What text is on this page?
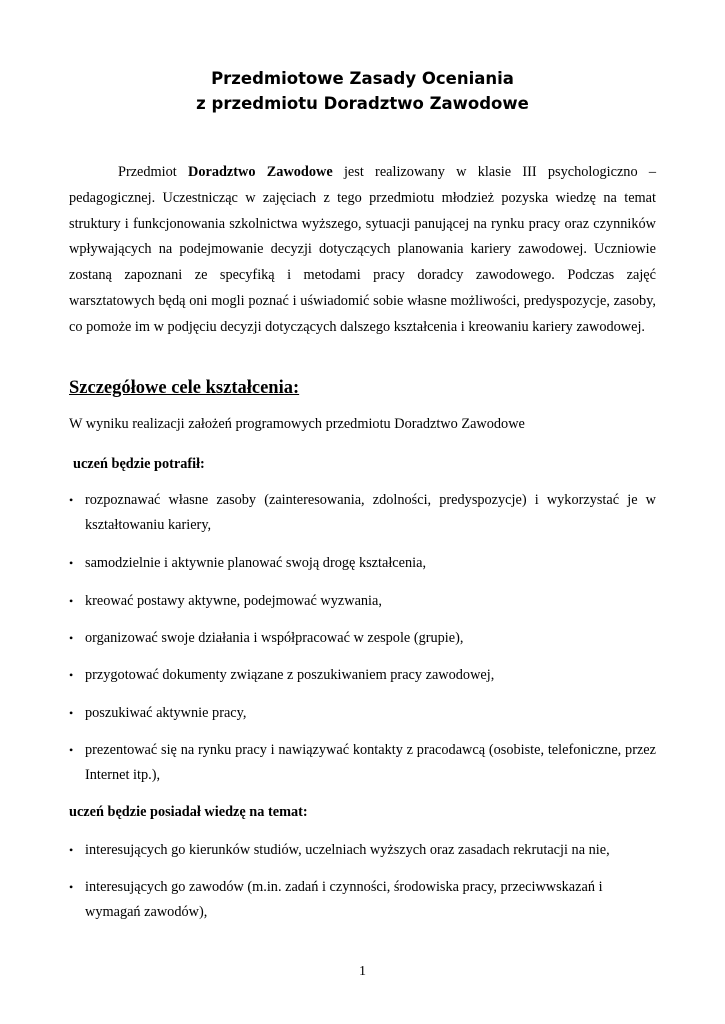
Przedmiotowe Zasady Oceniania
z przedmiotu Doradztwo Zawodowe

Przedmiot Doradztwo Zawodowe jest realizowany w klasie III psychologiczno – pedagogicznej. Uczestnicząc w zajęciach z tego przedmiotu młodzież pozyska wiedzę na temat struktury i funkcjonowania szkolnictwa wyższego, sytuacji panującej na rynku pracy oraz czynników wpływających na podejmowanie decyzji dotyczących planowania kariery zawodowej. Uczniowie zostaną zapoznani ze specyfiką i metodami pracy doradcy zawodowego. Podczas zajęć warsztatowych będą oni mogli poznać i uświadomić sobie własne możliwości, predyspozycje, zasoby, co pomoże im w podjęciu decyzji dotyczących dalszego kształcenia i kreowaniu kariery zawodowej.

Szczegółowe cele kształcenia:

W wyniku realizacji założeń programowych przedmiotu Doradztwo Zawodowe

uczeń będzie potrafił:

• rozpoznawać własne zasoby (zainteresowania, zdolności, predyspozycje) i wykorzystać je w kształtowaniu kariery,
• samodzielnie i aktywnie planować swoją drogę kształcenia,
• kreować postawy aktywne, podejmować wyzwania,
• organizować swoje działania i współpracować w zespole (grupie),
• przygotować dokumenty związane z poszukiwaniem pracy zawodowej,
• poszukiwać aktywnie pracy,
• prezentować się na rynku pracy i nawiązywać kontakty z pracodawcą (osobiste, telefoniczne, przez Internet itp.),

uczeń będzie posiadał wiedzę na temat:

• interesujących go kierunków studiów, uczelniach wyższych oraz zasadach rekrutacji na nie,
• interesujących go zawodów (m.in. zadań i czynności, środowiska pracy, przeciwwskazań i wymagań zawodów),
1
